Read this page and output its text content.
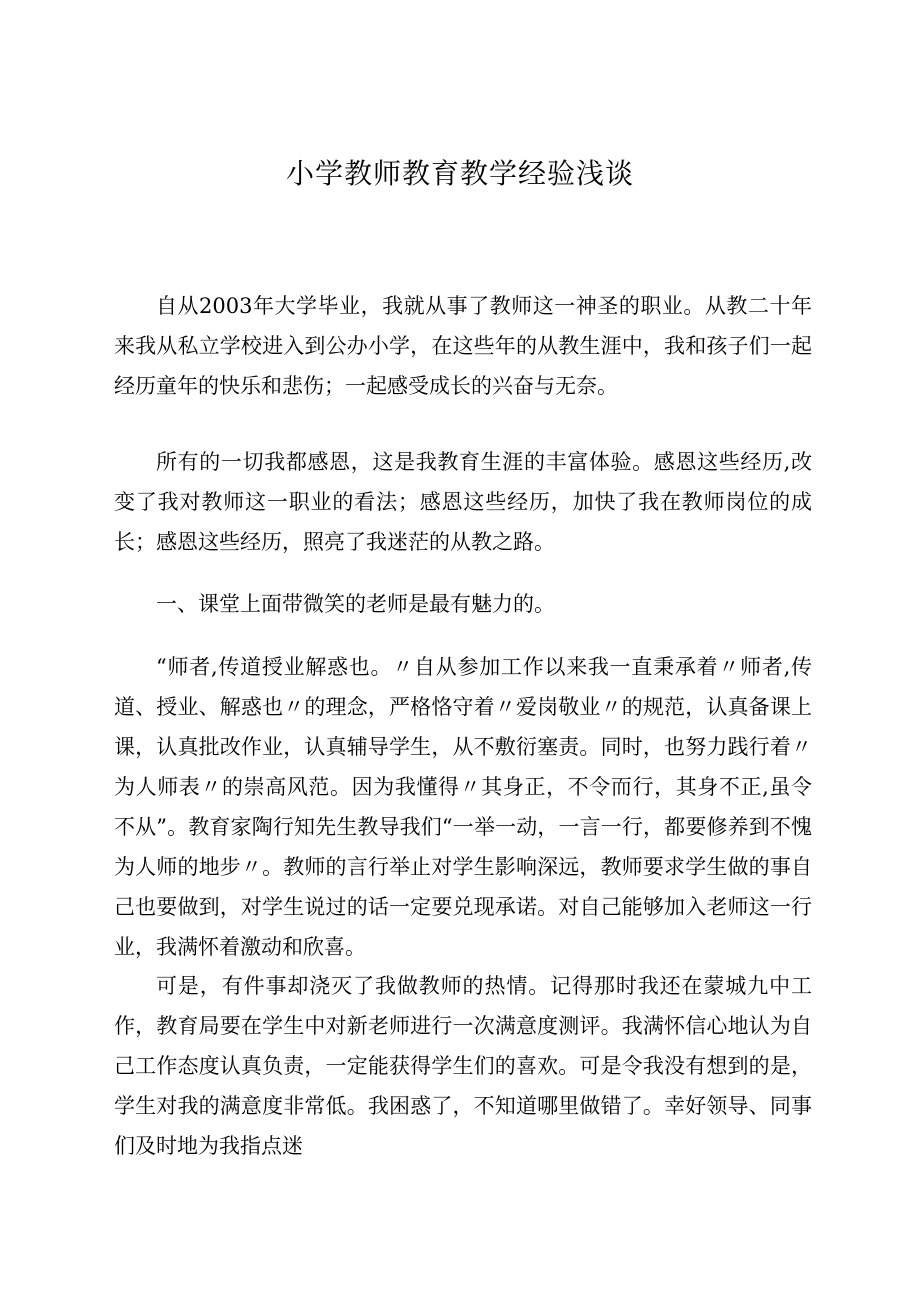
小学教师教育教学经验浅谈

自从2003年大学毕业，我就从事了教师这一神圣的职业。从教二十年来我从私立学校进入到公办小学，在这些年的从教生涯中，我和孩子们一起经历童年的快乐和悲伤；一起感受成长的兴奋与无奈。

所有的一切我都感恩，这是我教育生涯的丰富体验。感恩这些经历,改变了我对教师这一职业的看法；感恩这些经历，加快了我在教师岗位的成长；感恩这些经历，照亮了我迷茫的从教之路。

一、课堂上面带微笑的老师是最有魅力的。

“师者,传道授业解惑也。〃自从参加工作以来我一直秉承着〃师者,传道、授业、解惑也〃的理念，严格恪守着〃爱岗敬业〃的规范，认真备课上课，认真批改作业，认真辅导学生，从不敷衍塞责。同时，也努力践行着〃为人师表〃的崇高风范。因为我懂得〃其身正，不令而行，其身不正,虽令不从”。教育家陶行知先生教导我们“一举一动，一言一行，都要修养到不愧为人师的地步〃。教师的言行举止对学生影响深远，教师要求学生做的事自己也要做到，对学生说过的话一定要兑现承诺。对自己能够加入老师这一行业，我满怀着激动和欣喜。

可是，有件事却浇灭了我做教师的热情。记得那时我还在蒙城九中工作，教育局要在学生中对新老师进行一次满意度测评。我满怀信心地认为自己工作态度认真负责，一定能获得学生们的喜欢。可是令我没有想到的是，学生对我的满意度非常低。我困惑了，不知道哪里做错了。幸好领导、同事们及时地为我指点迷
